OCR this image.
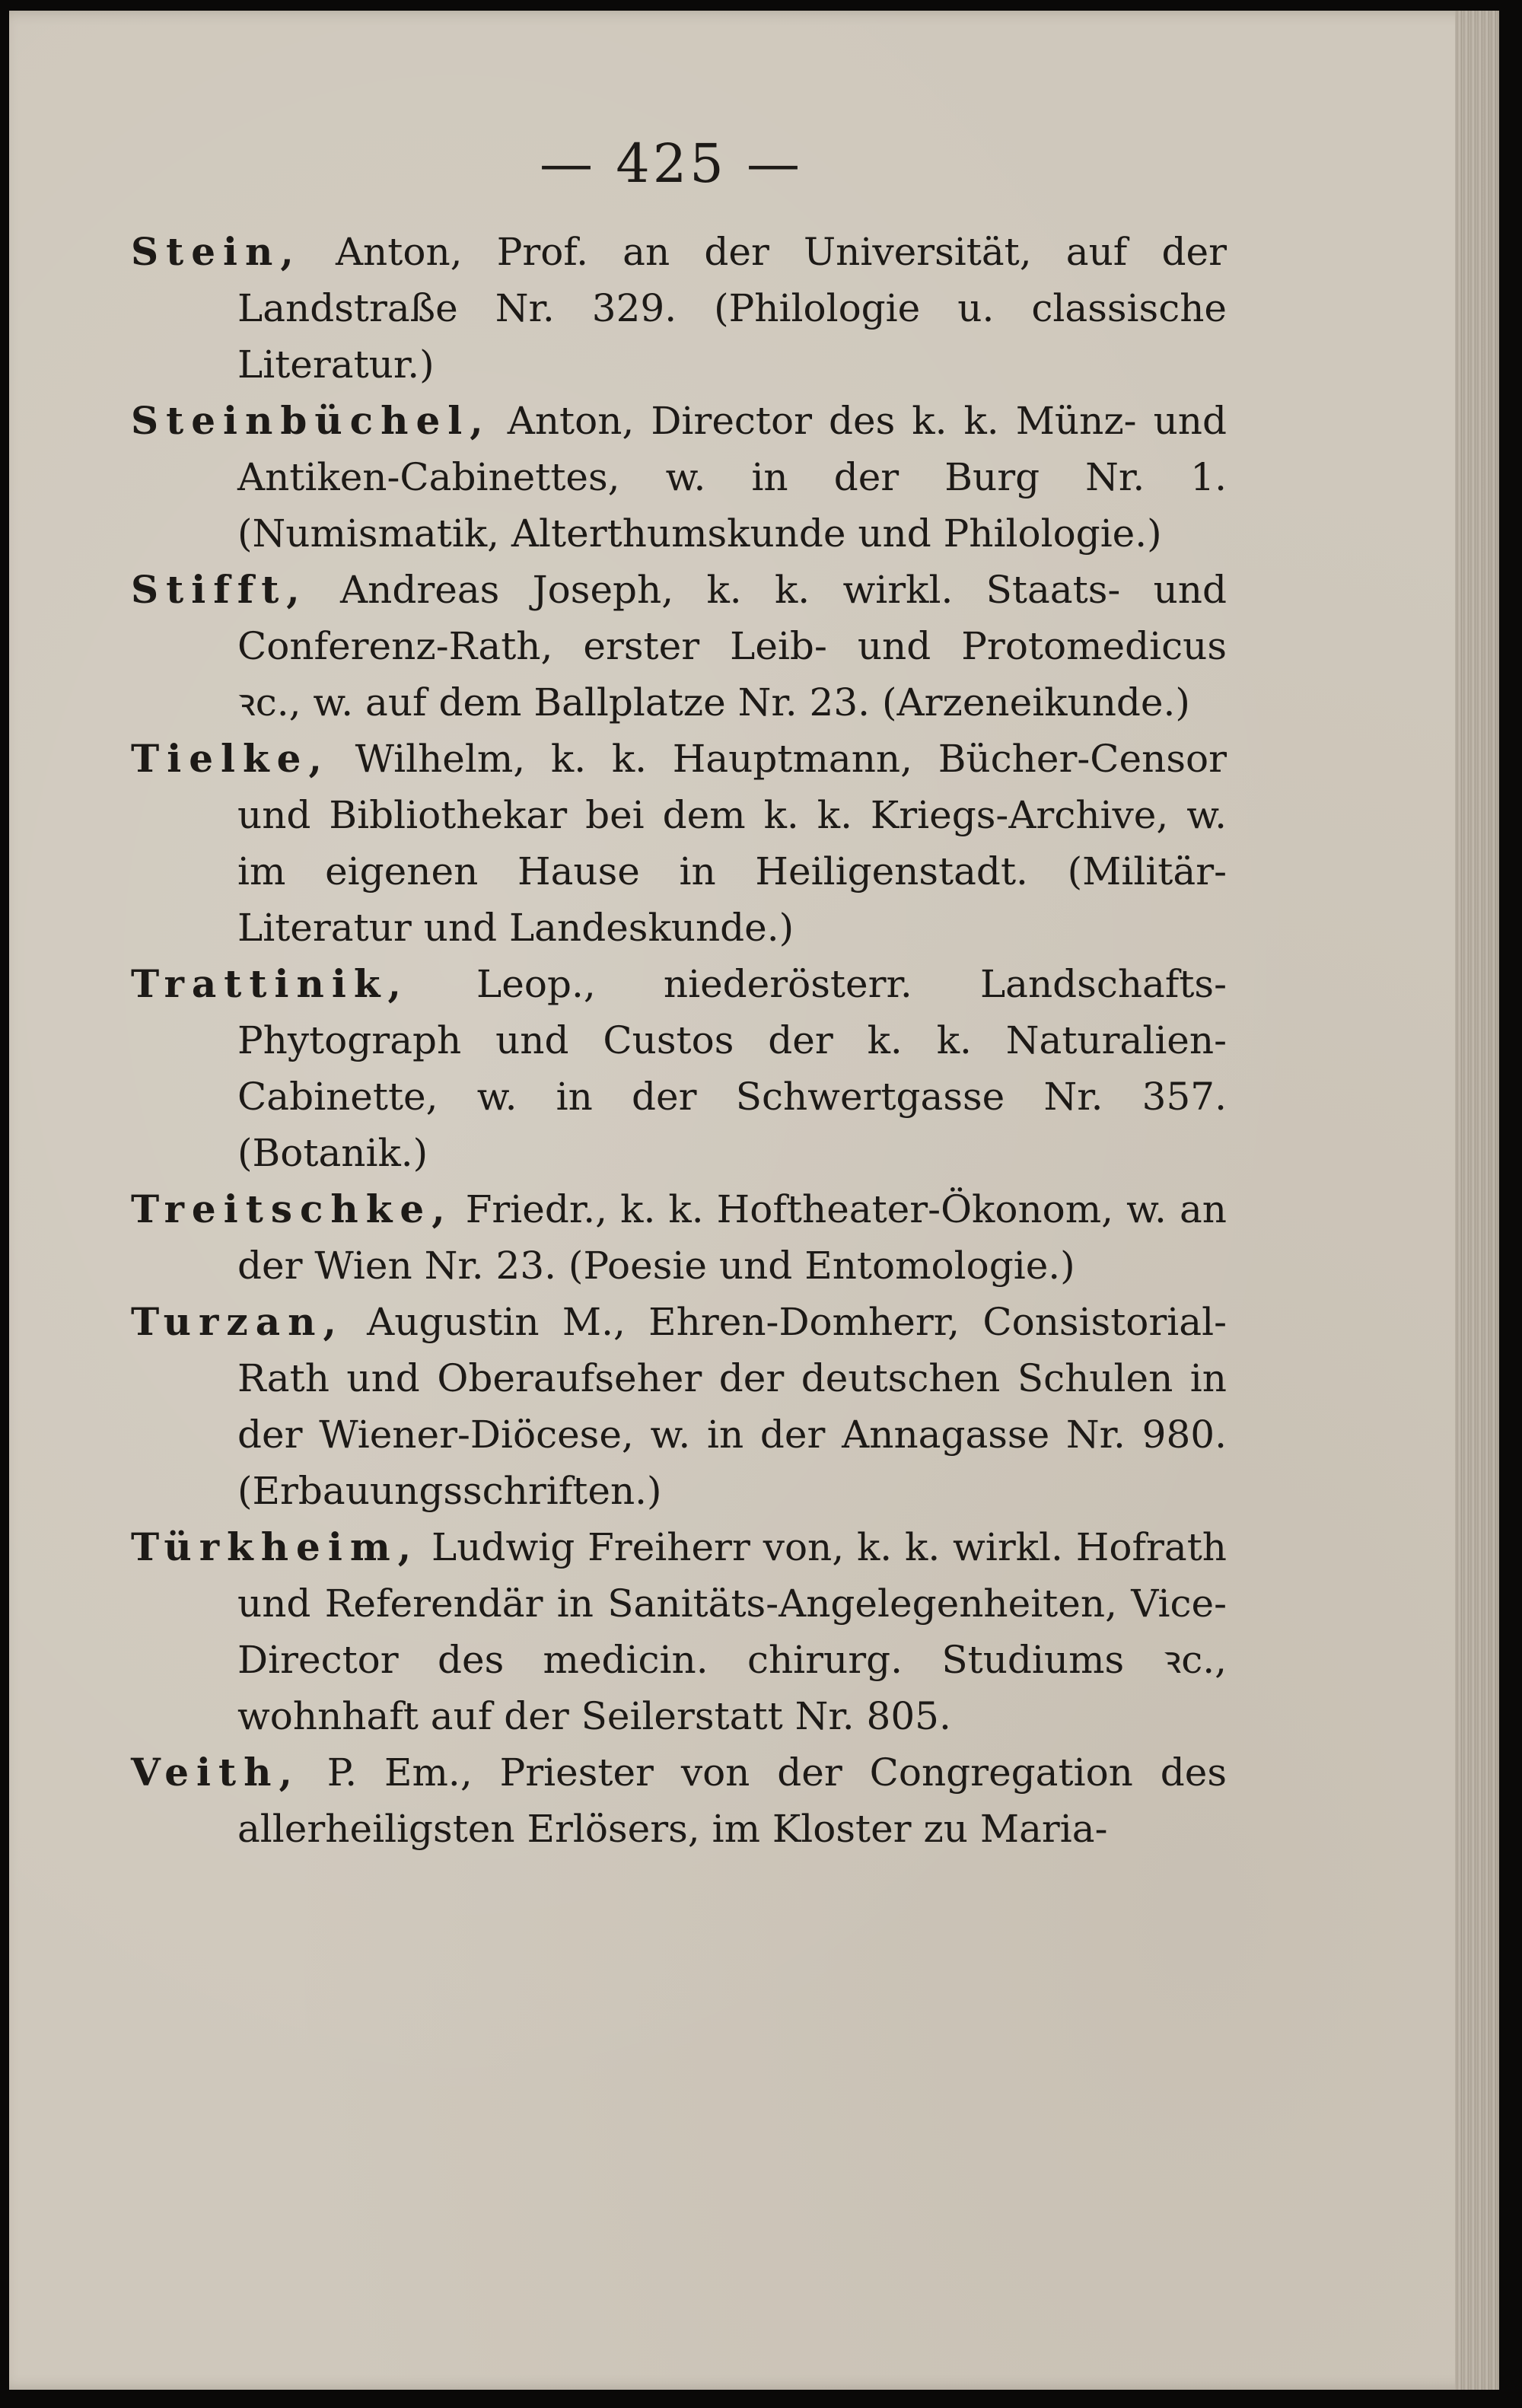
— 425 —

Stein, Anton, Prof. an der Universität, auf der Landstraße Nr. 329. (Philologie u. classische Literatur.)

Steinbüchel, Anton, Director des k. k. Münz- und Antiken-Cabinettes, w. in der Burg Nr. 1. (Numismatik, Alterthumskunde und Philologie.)

Stifft, Andreas Joseph, k. k. wirkl. Staats- und Conferenz-Rath, erster Leib- und Protomedicus ꝛc., w. auf dem Ballplatze Nr. 23. (Arzeneikunde.)

Tielke, Wilhelm, k. k. Hauptmann, Bücher-Censor und Bibliothekar bei dem k. k. Kriegs-Archive, w. im eigenen Hause in Heiligenstadt. (Militär-Literatur und Landeskunde.)

Trattinik, Leop., niederösterr. Landschafts-Phytograph und Custos der k. k. Naturalien-Cabinette, w. in der Schwertgasse Nr. 357. (Botanik.)

Treitschke, Friedr., k. k. Hoftheater-Ökonom, w. an der Wien Nr. 23. (Poesie und Entomologie.)

Turzan, Augustin M., Ehren-Domherr, Consistorial-Rath und Oberaufseher der deutschen Schulen in der Wiener-Diöcese, w. in der Annagasse Nr. 980. (Erbauungsschriften.)

Türkheim, Ludwig Freiherr von, k. k. wirkl. Hofrath und Referendär in Sanitäts-Angelegenheiten, Vice-Director des medicin. chirurg. Studiums ꝛc., wohnhaft auf der Seilerstatt Nr. 805.

Veith, P. Em., Priester von der Congregation des allerheiligsten Erlösers, im Kloster zu Maria-
